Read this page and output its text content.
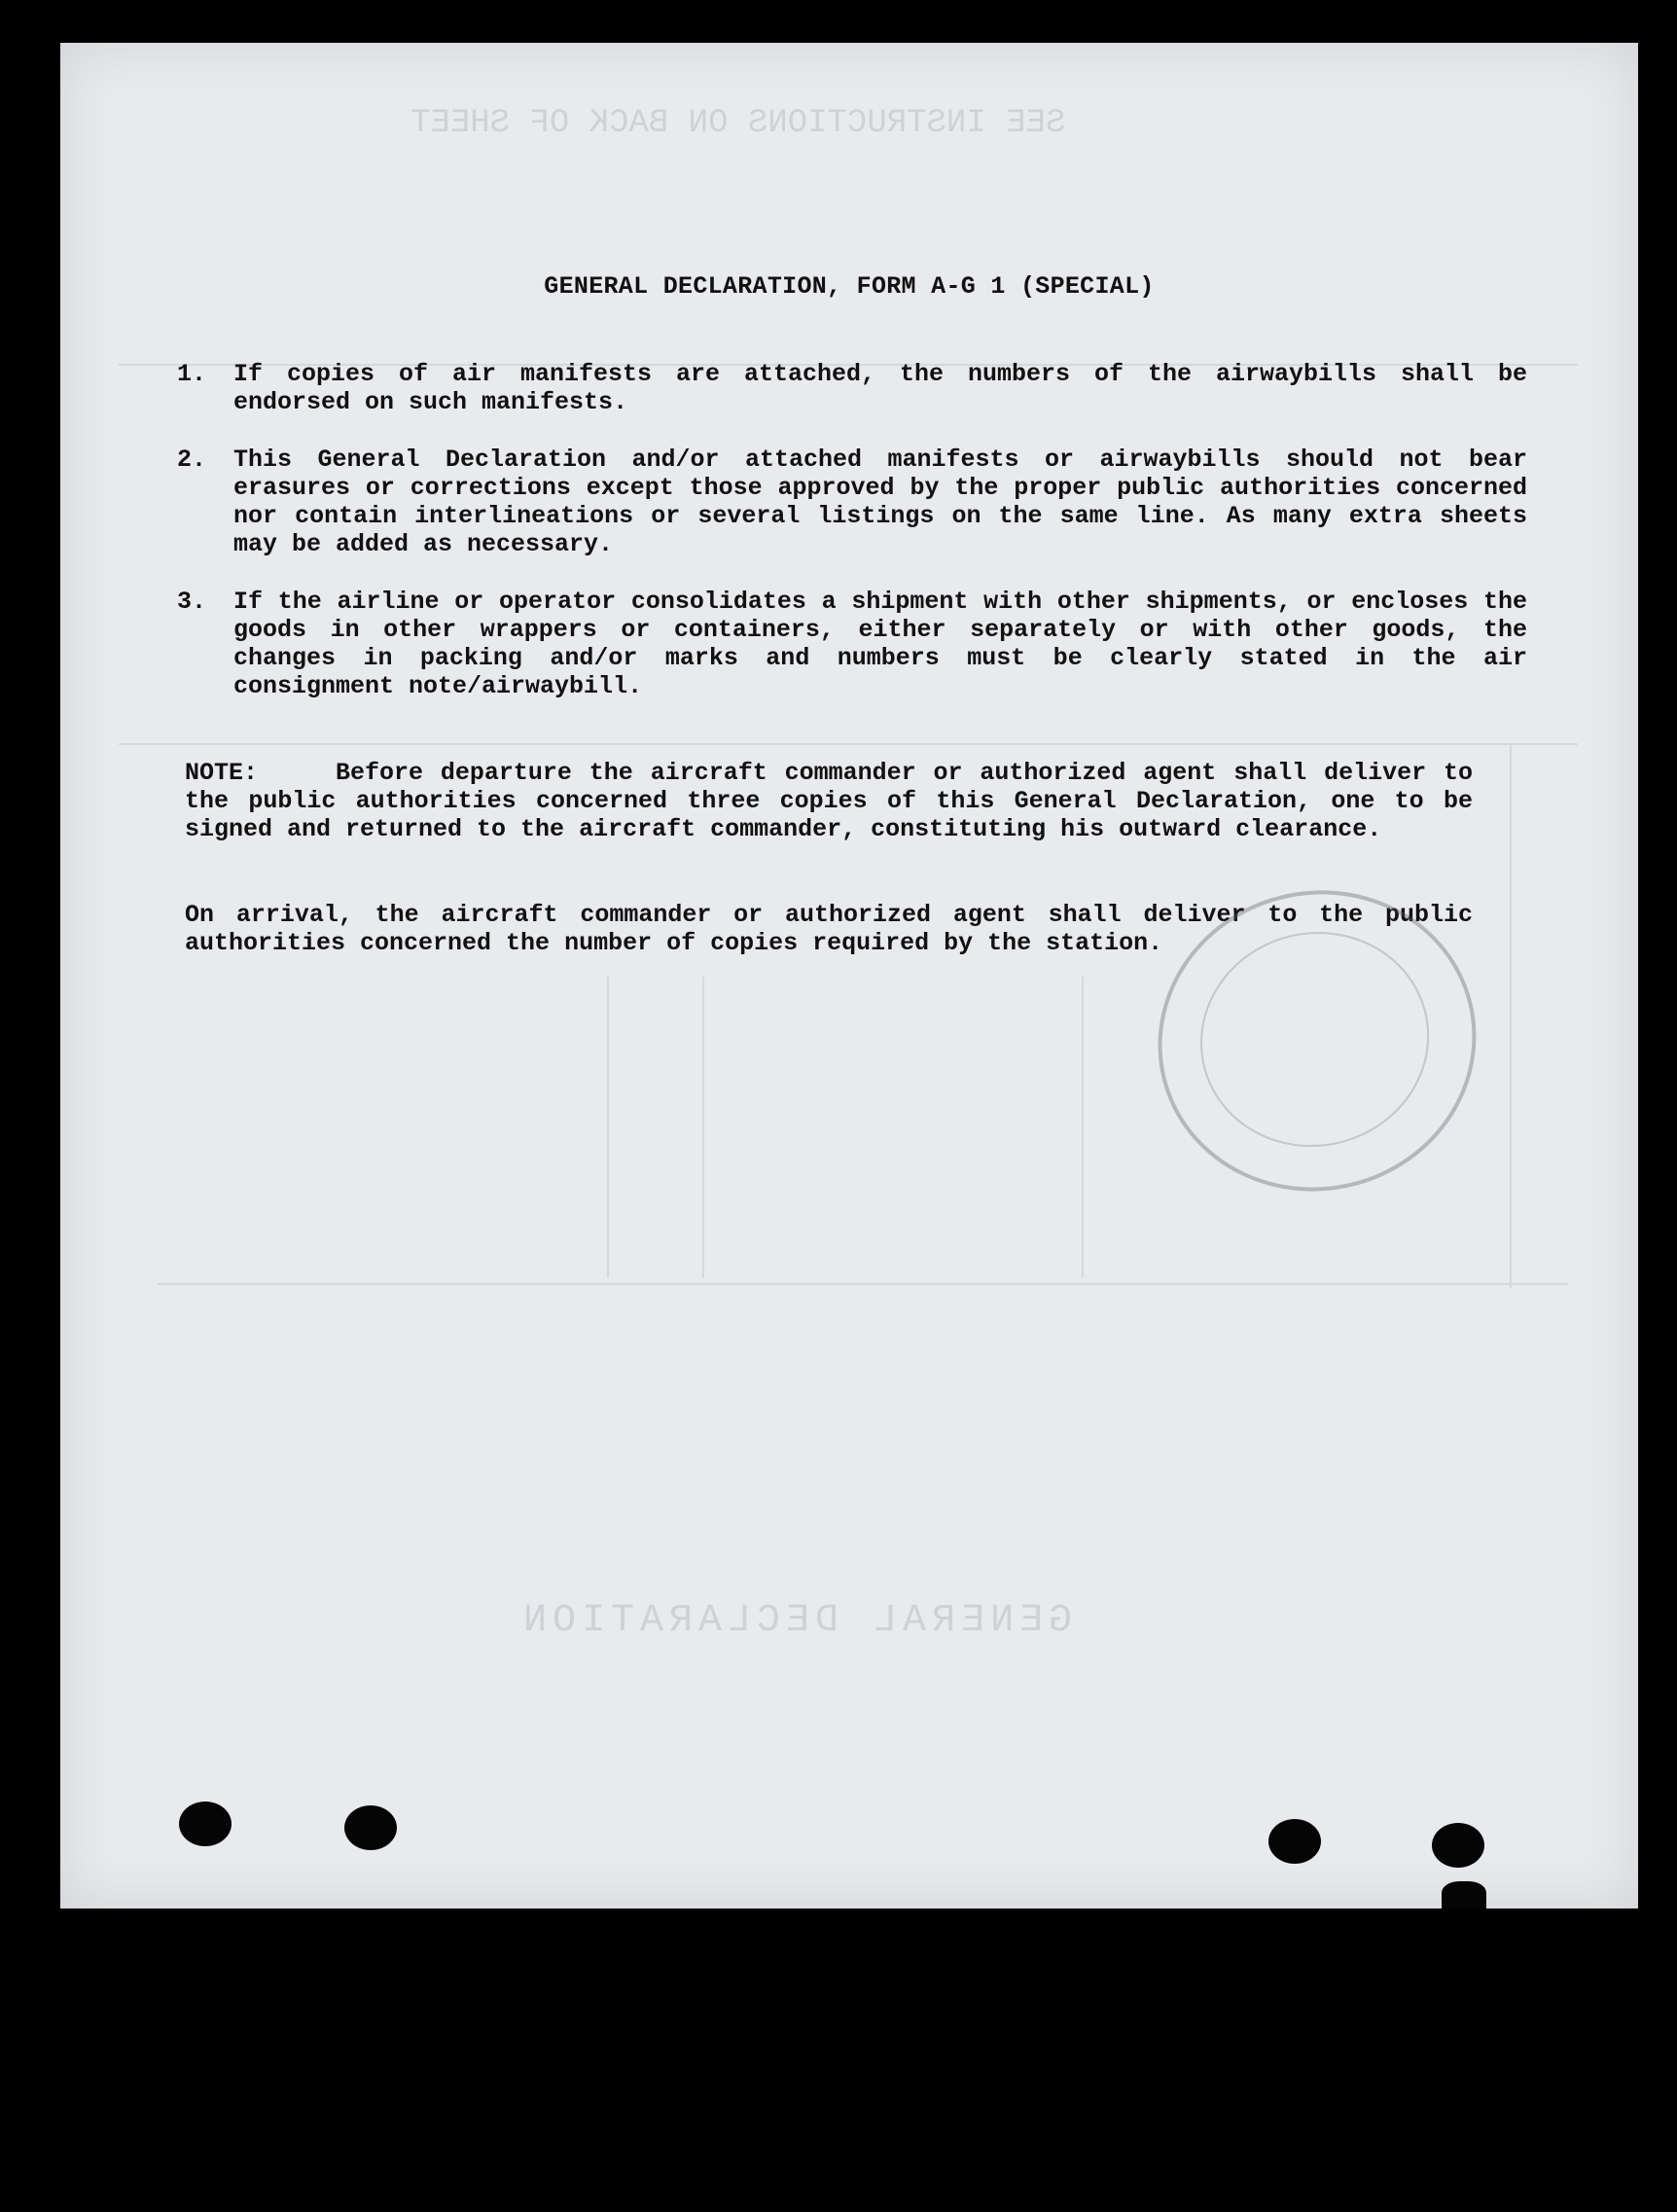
SEE INSTRUCTIONS ON BACK OF SHEET
GENERAL DECLARATION
GENERAL DECLARATION, FORM A-G 1 (SPECIAL)
1.	If copies of air manifests are attached, the numbers of the airwaybills shall be endorsed on such manifests.
2.	This General Declaration and/or attached manifests or airwaybills should not bear erasures or corrections except those approved by the proper public authorities concerned nor contain interlineations or several listings on the same line. As many extra sheets may be added as necessary.
3.	If the airline or operator consolidates a shipment with other shipments, or encloses the goods in other wrappers or containers, either separately or with other goods, the changes in packing and/or marks and numbers must be clearly stated in the air consignment note/airwaybill.
NOTE:	Before departure the aircraft commander or authorized agent shall deliver to the public authorities concerned three copies of this General Declaration, one to be signed and returned to the aircraft commander, constituting his outward clearance.
On arrival, the aircraft commander or authorized agent shall deliver to the public authorities concerned the number of copies required by the station.
